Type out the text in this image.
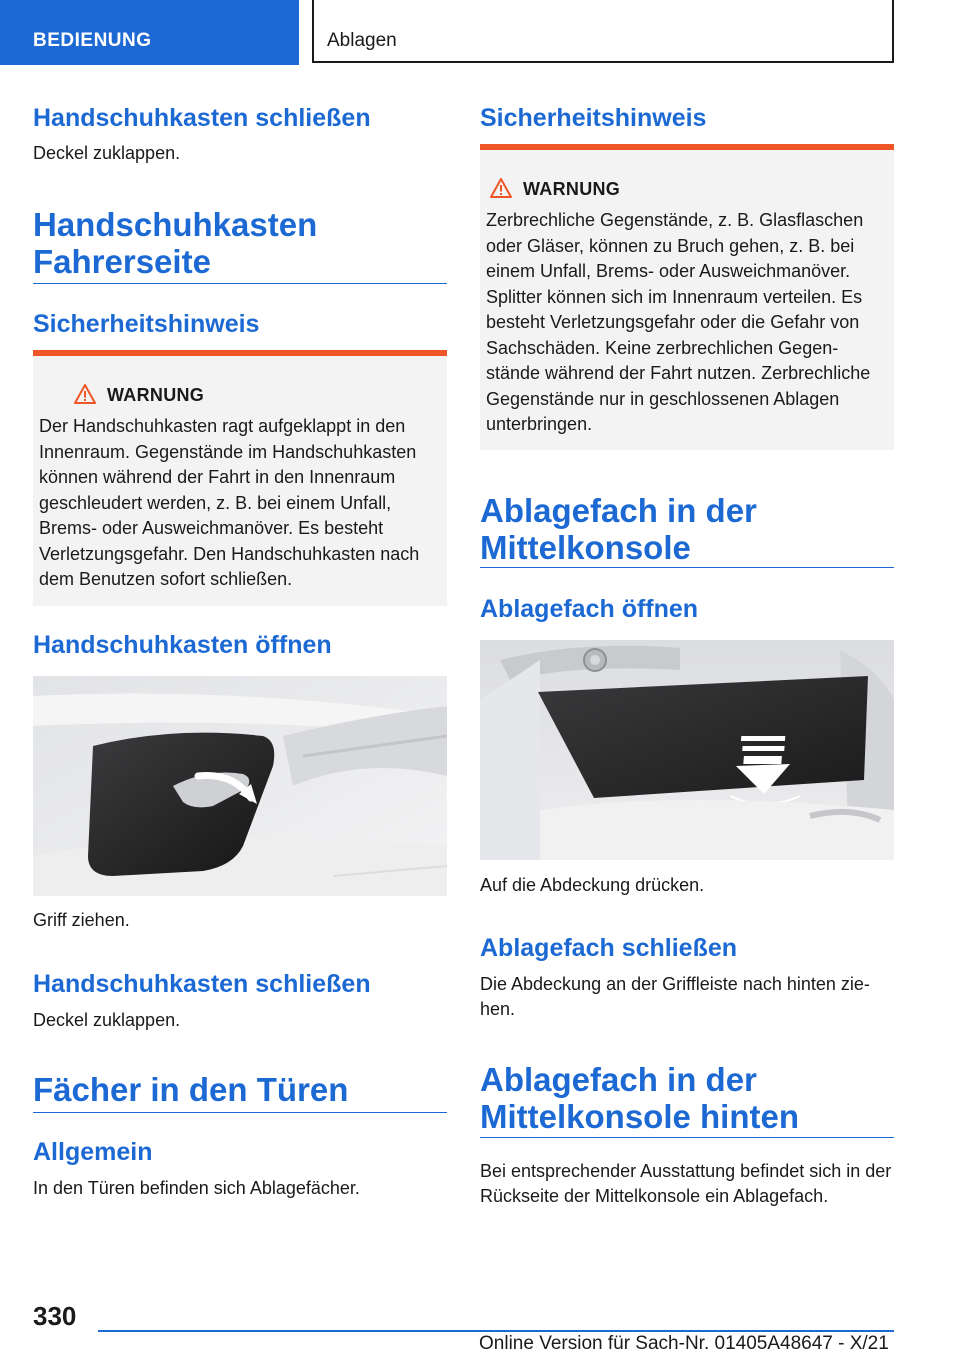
BEDIENUNG	Ablagen
Handschuhkasten schließen
Deckel zuklappen.
Handschuhkasten Fahrerseite
Sicherheitshinweis
WARNUNG
Der Handschuhkasten ragt aufgeklappt in den Innenraum. Gegenstände im Handschuhkasten können während der Fahrt in den Innenraum geschleudert werden, z. B. bei einem Unfall, Brems- oder Ausweichmanöver. Es besteht Verletzungsgefahr. Den Handschuhkasten nach dem Benutzen sofort schließen.
Handschuhkasten öffnen
Griff ziehen.
Handschuhkasten schließen
Deckel zuklappen.
Fächer in den Türen
Allgemein
In den Türen befinden sich Ablagefächer.
Sicherheitshinweis
WARNUNG
Zerbrechliche Gegenstände, z. B. Glasflaschen oder Gläser, können zu Bruch gehen, z. B. bei einem Unfall, Brems- oder Ausweichmanöver. Splitter können sich im Innenraum verteilen. Es besteht Verletzungsgefahr oder die Gefahr von Sachschäden. Keine zerbrechlichen Gegenstände während der Fahrt nutzen. Zerbrechliche Gegenstände nur in geschlossenen Ablagen unterbringen.
Ablagefach in der Mittelkonsole
Ablagefach öffnen
Auf die Abdeckung drücken.
Ablagefach schließen
Die Abdeckung an der Griffleiste nach hinten ziehen.
Ablagefach in der Mittelkonsole hinten
Bei entsprechender Ausstattung befindet sich in der Rückseite der Mittelkonsole ein Ablagefach.
330
Online Version für Sach-Nr. 01405A48647 - X/21
